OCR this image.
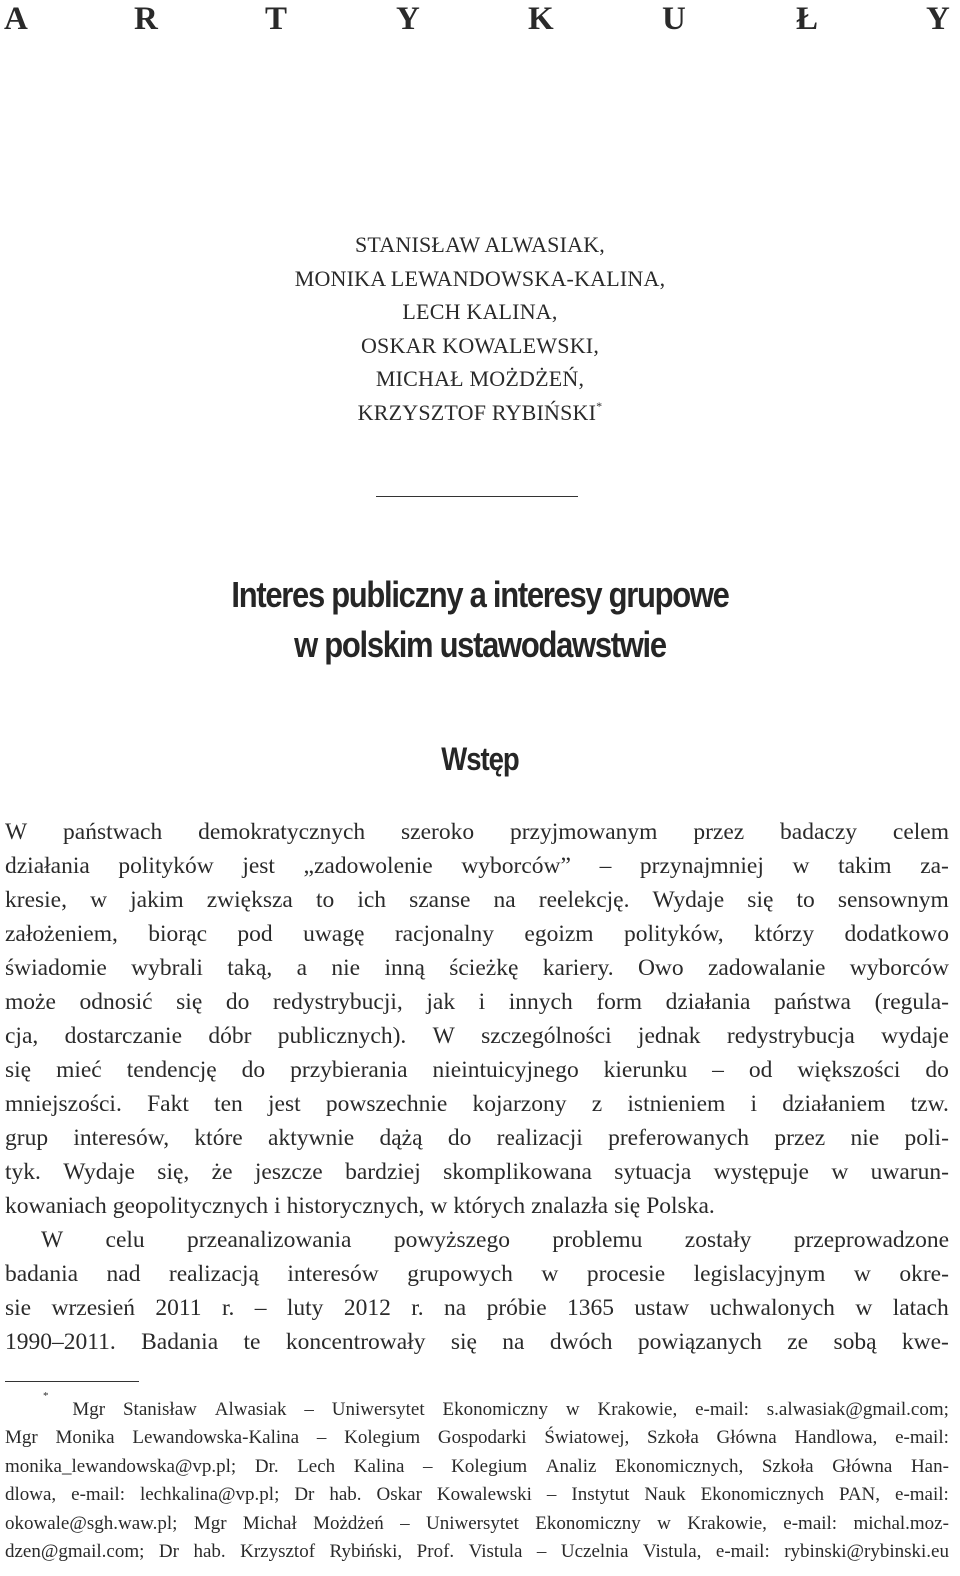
A	R	T	Y	K	U	Ł	Y
STANISŁAW ALWASIAK,
MONIKA LEWANDOWSKA-KALINA,
LECH KALINA,
OSKAR KOWALEWSKI,
MICHAŁ MOŻDŻEŃ,
KRZYSZTOF RYBIŃSKI*
Interes publiczny a interesy grupowe
w polskim ustawodawstwie
Wstęp
W państwach demokratycznych szeroko przyjmowanym przez badaczy celem
działania polityków jest „zadowolenie wyborców” – przynajmniej w takim za-
kresie, w jakim zwiększa to ich szanse na reelekcję. Wydaje się to sensownym
założeniem, biorąc pod uwagę racjonalny egoizm polityków, którzy dodatkowo
świadomie wybrali taką, a nie inną ścieżkę kariery. Owo zadowalanie wyborców
może odnosić się do redystrybucji, jak i innych form działania państwa (regula-
cja, dostarczanie dóbr publicznych). W szczególności jednak redystrybucja wydaje
się mieć tendencję do przybierania nieintuicyjnego kierunku – od większości do
mniejszości. Fakt ten jest powszechnie kojarzony z istnieniem i działaniem tzw.
grup interesów, które aktywnie dążą do realizacji preferowanych przez nie poli-
tyk. Wydaje się, że jeszcze bardziej skomplikowana sytuacja występuje w uwarun-
kowaniach geopolitycznych i historycznych, w których znalazła się Polska.
W celu przeanalizowania powyższego problemu zostały przeprowadzone
badania nad realizacją interesów grupowych w procesie legislacyjnym w okre-
sie wrzesień 2011 r. – luty 2012 r. na próbie 1365 ustaw uchwalonych w latach
1990–2011. Badania te koncentrowały się na dwóch powiązanych ze sobą kwe-
*
Mgr Stanisław Alwasiak – Uniwersytet Ekonomiczny w Krakowie, e-mail: s.alwasiak@gmail.com;
Mgr Monika Lewandowska-Kalina – Kolegium Gospodarki Światowej, Szkoła Główna Handlowa, e-mail:
monika_lewandowska@vp.pl; Dr. Lech Kalina – Kolegium Analiz Ekonomicznych, Szkoła Główna Han-
dlowa, e-mail: lechkalina@vp.pl; Dr hab. Oskar Kowalewski – Instytut Nauk Ekonomicznych PAN, e-mail:
okowale@sgh.waw.pl; Mgr Michał Możdżeń – Uniwersytet Ekonomiczny w Krakowie, e-mail: michal.moz-
dzen@gmail.com; Dr hab. Krzysztof Rybiński, Prof. Vistula – Uczelnia Vistula, e-mail: rybinski@rybinski.eu
